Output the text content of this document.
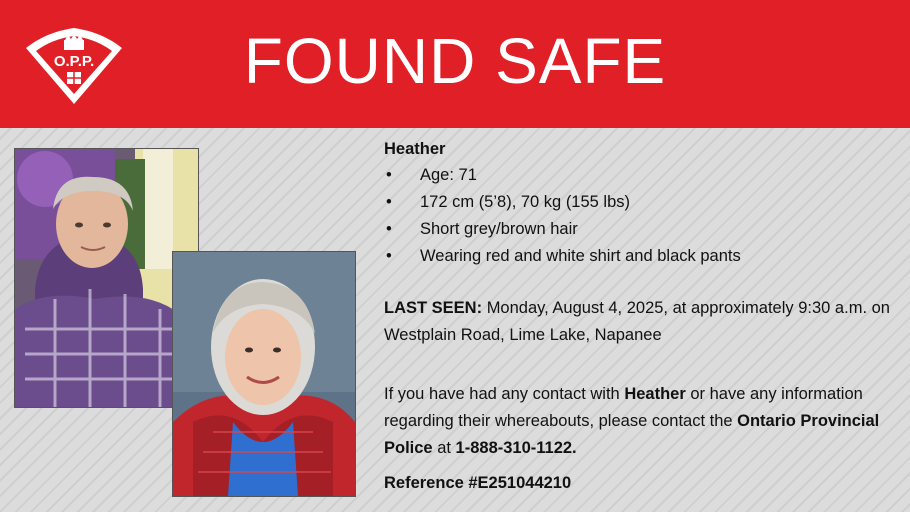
O.P.P.	FOUND SAFE
Heather
• Age: 71
• 172 cm (5’8), 70 kg (155 lbs)
• Short grey/brown hair
• Wearing red and white shirt and black pants
LAST SEEN: Monday, August 4, 2025, at approximately 9:30 a.m. on Westplain Road, Lime Lake, Napanee
If you have had any contact with Heather or have any information regarding their whereabouts, please contact the Ontario Provincial Police at 1-888-310-1122.
Reference #E251044210
